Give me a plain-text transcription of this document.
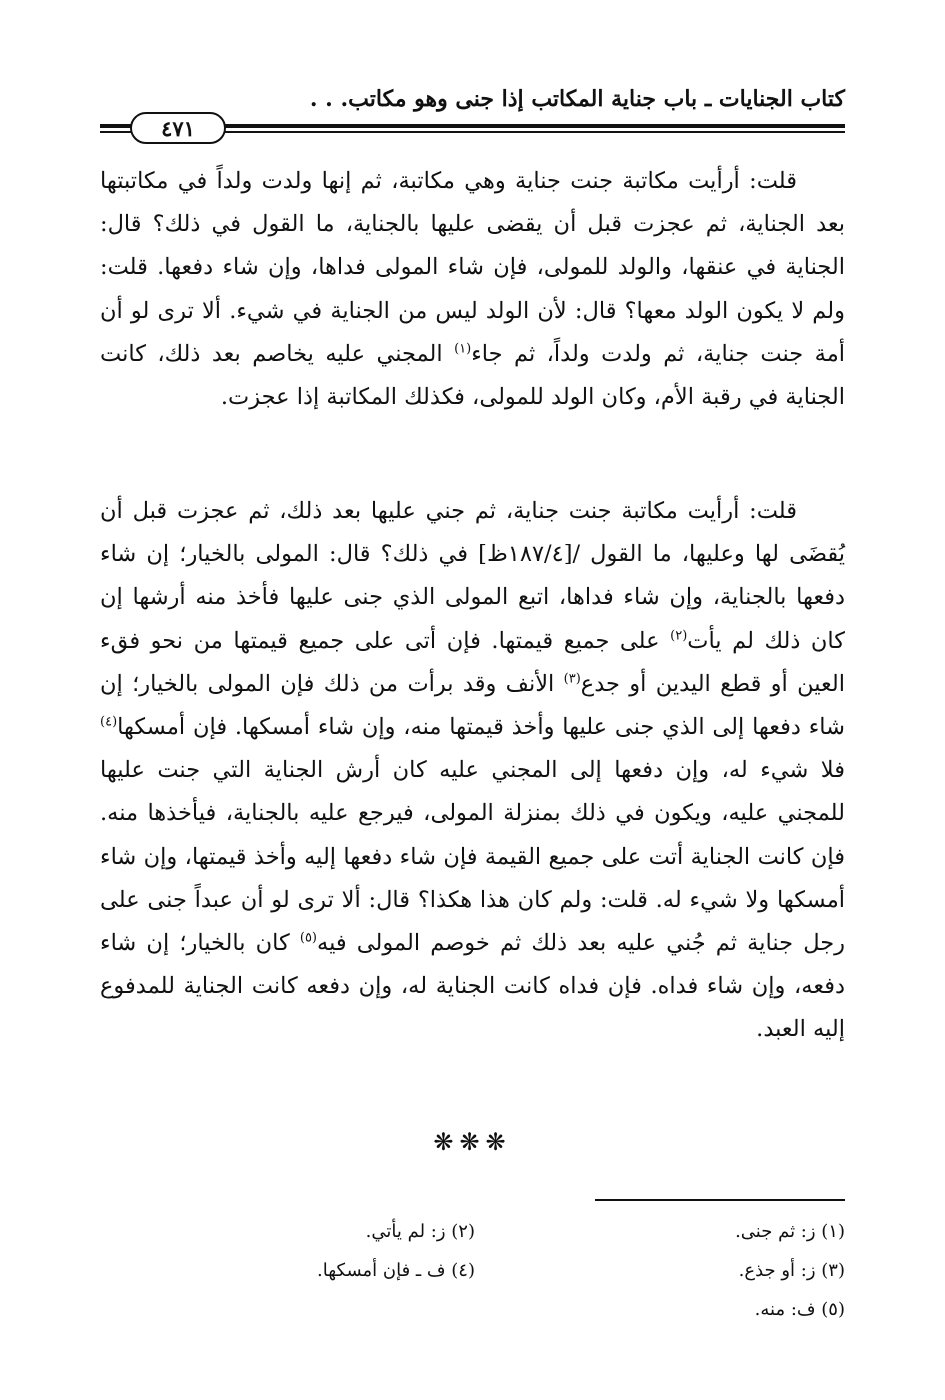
كتاب الجنايات ـ باب جناية المكاتب إذا جنى وهو مكاتب. . .
٤٧١

قلت: أرأيت مكاتبة جنت جناية وهي مكاتبة، ثم إنها ولدت ولداً في مكاتبتها بعد الجناية، ثم عجزت قبل أن يقضى عليها بالجناية، ما القول في ذلك؟ قال: الجناية في عنقها، والولد للمولى، فإن شاء المولى فداها، وإن شاء دفعها. قلت: ولم لا يكون الولد معها؟ قال: لأن الولد ليس من الجناية في شيء. ألا ترى لو أن أمة جنت جناية، ثم ولدت ولداً، ثم جاء$^{(١)}$ المجني عليه يخاصم بعد ذلك، كانت الجناية في رقبة الأم، وكان الولد للمولى، فكذلك المكاتبة إذا عجزت.

قلت: أرأيت مكاتبة جنت جناية، ثم جني عليها بعد ذلك، ثم عجزت قبل أن يُقضَى لها وعليها، ما القول /[١٨٧/٤ظ] في ذلك؟ قال: المولى بالخيار؛ إن شاء دفعها بالجناية، وإن شاء فداها، اتبع المولى الذي جنى عليها فأخذ منه أرشها إن كان ذلك لم يأت$^{(٢)}$ على جميع قيمتها. فإن أتى على جميع قيمتها من نحو فقء العين أو قطع اليدين أو جدع$^{(٣)}$ الأنف وقد برأت من ذلك فإن المولى بالخيار؛ إن شاء دفعها إلى الذي جنى عليها وأخذ قيمتها منه، وإن شاء أمسكها. فإن أمسكها$^{(٤)}$ فلا شيء له، وإن دفعها إلى المجني عليه كان أرش الجناية التي جنت عليها للمجني عليه، ويكون في ذلك بمنزلة المولى، فيرجع عليه بالجناية، فيأخذها منه. فإن كانت الجناية أتت على جميع القيمة فإن شاء دفعها إليه وأخذ قيمتها، وإن شاء أمسكها ولا شيء له. قلت: ولم كان هذا هكذا؟ قال: ألا ترى لو أن عبداً جنى على رجل جناية ثم جُني عليه بعد ذلك ثم خوصم المولى فيه$^{(٥)}$ كان بالخيار؛ إن شاء دفعه، وإن شاء فداه. فإن فداه كانت الجناية له، وإن دفعه كانت الجناية للمدفوع إليه العبد.

❋❋❋
(١) ز: ثم جنى.
(٢) ز: لم يأتي.
(٣) ز: أو جذع.
(٤) ف ـ فإن أمسكها.
(٥) ف: منه.
